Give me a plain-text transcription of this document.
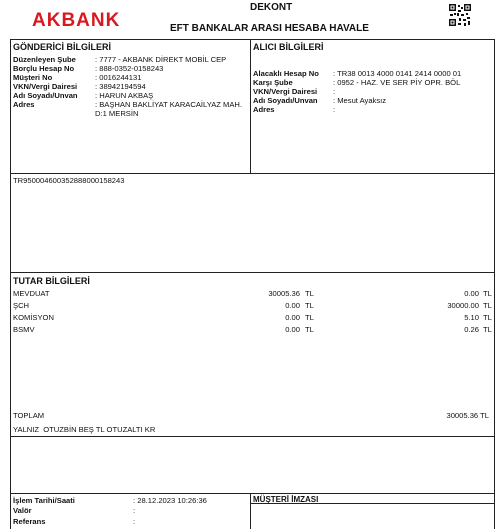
AKBANK
DEKONT
EFT BANKALAR ARASI HESABA HAVALE
GÖNDERİCİ BİLGİLERİ
Düzenleyen Şube	: 7777 - AKBANK DİREKT MOBİL CEP
Borçlu Hesap No	: 888-0352-0158243
Müşteri No	: 0016244131
VKN/Vergi Dairesi : 38942194594
Adı Soyadı/Unvan : HARUN AKBAŞ
Adres	: BAŞHAN BAKLİYAT KARACAİLYAZ MAH.
D:1 MERSİN
ALICI BİLGİLERİ
Alacaklı Hesap No : TR38 0013 4000 0141 2414 0000 01
Karşı Şube	: 0952 - HAZ. VE SER PİY OPR. BÖL
VKN/Vergi Dairesi :
Adı Soyadı/Unvan : Mesut Ayaksız
Adres	:
TR950004600352888000158243
TUTAR BİLGİLERİ
MEVDUAT	30005.36 TL	0.00 TL
ŞCH	0.00 TL	30000.00 TL
KOMİSYON	0.00 TL	5.10 TL
BSMV	0.00 TL	0.26 TL
TOPLAM	30005.36 TL
YALNIZ  OTUZBİN BEŞ TL OTUZALTI KR
İşlem Tarihi/Saati	: 28.12.2023 10:26:36
Valör	:
Referans	:
MÜŞTERİ İMZASI
